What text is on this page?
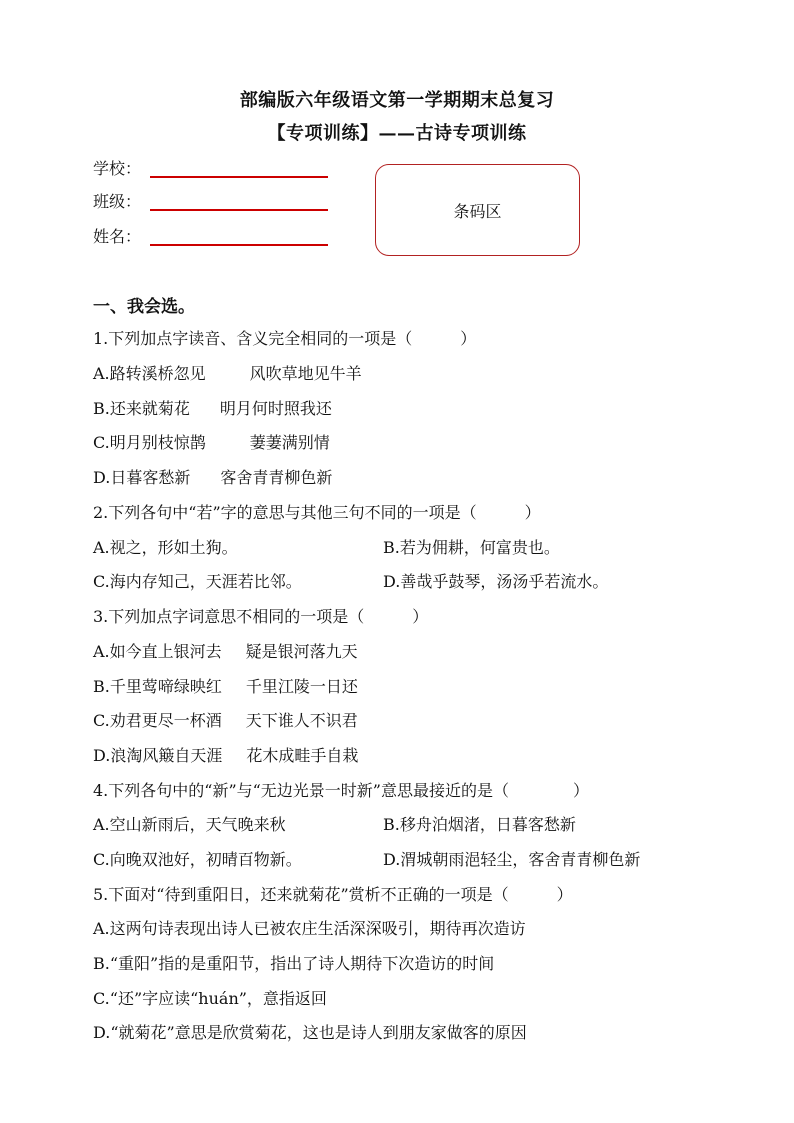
部编版六年级语文第一学期期末总复习
【专项训练】——古诗专项训练
学校：
班级：
姓名：
条码区
一、我会选。
1.下列加点字读音、含义完全相同的一项是（　　　）
A.路转溪桥忽见	风吹草地见牛羊
B.还来就菊花 明月何时照我还
C.明月别枝惊鹊	萋萋满别情
D.日暮客愁新 客舍青青柳色新
2.下列各句中“若”字的意思与其他三句不同的一项是（　　　）
A.视之，形如土狗。	B.若为佣耕，何富贵也。
C.海内存知己，天涯若比邻。	D.善哉乎鼓琴，汤汤乎若流水。
3.下列加点字词意思不相同的一项是（　　　）
A.如今直上银河去 疑是银河落九天
B.千里莺啼绿映红 千里江陵一日还
C.劝君更尽一杯酒 天下谁人不识君
D.浪淘风簸自天涯 花木成畦手自栽
4.下列各句中的“新”与“无边光景一时新”意思最接近的是（　　　　）
A.空山新雨后，天气晚来秋	B.移舟泊烟渚，日暮客愁新
C.向晚双池好，初晴百物新。	D.渭城朝雨浥轻尘，客舍青青柳色新
5.下面对“待到重阳日，还来就菊花”赏析不正确的一项是（　　　）
A.这两句诗表现出诗人已被农庄生活深深吸引，期待再次造访
B.“重阳”指的是重阳节，指出了诗人期待下次造访的时间
C.“还”字应读“huán”，意指返回
D.“就菊花”意思是欣赏菊花，这也是诗人到朋友家做客的原因
